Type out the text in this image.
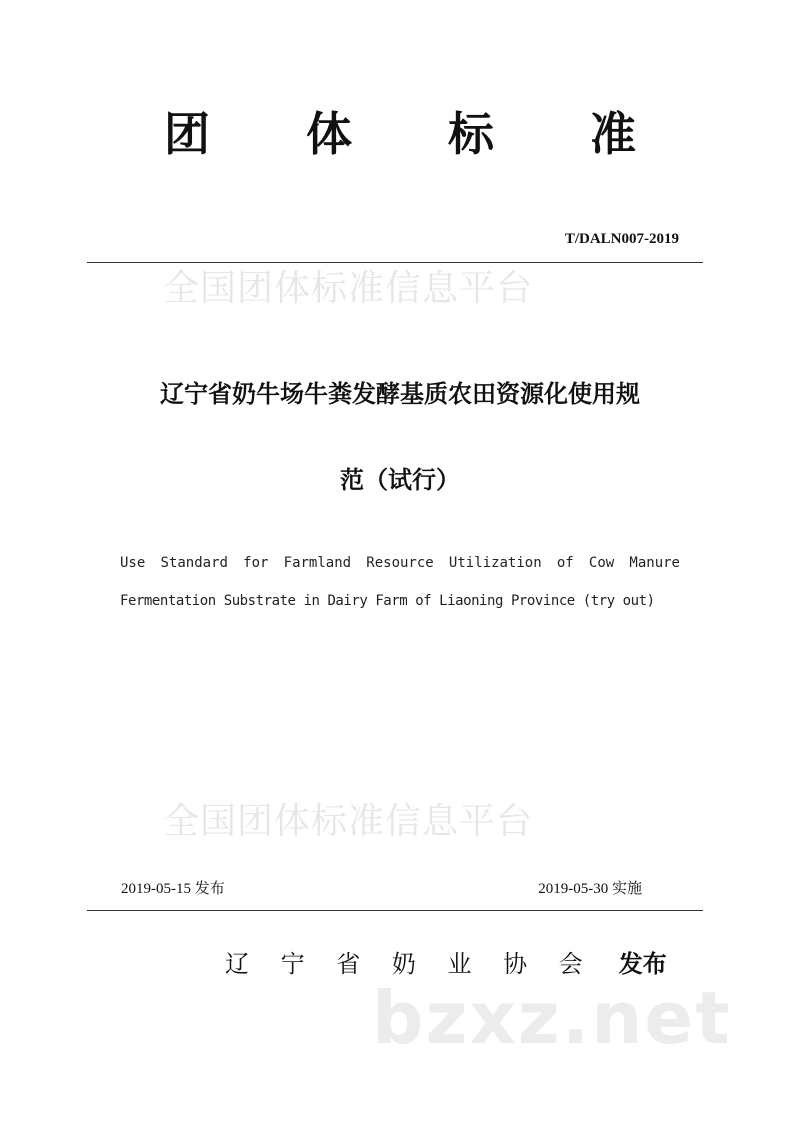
团 体 标 准
T/DALN007-2019
全国团体标准信息平台
辽宁省奶牛场牛粪发酵基质农田资源化使用规
范（试行）
Use Standard for Farmland Resource Utilization of Cow Manure
Fermentation Substrate in Dairy Farm of Liaoning Province (try out)
全国团体标准信息平台
2019-05-15 发布	2019-05-30 实施
辽 宁 省 奶 业 协 会 发布
bzxz.net
